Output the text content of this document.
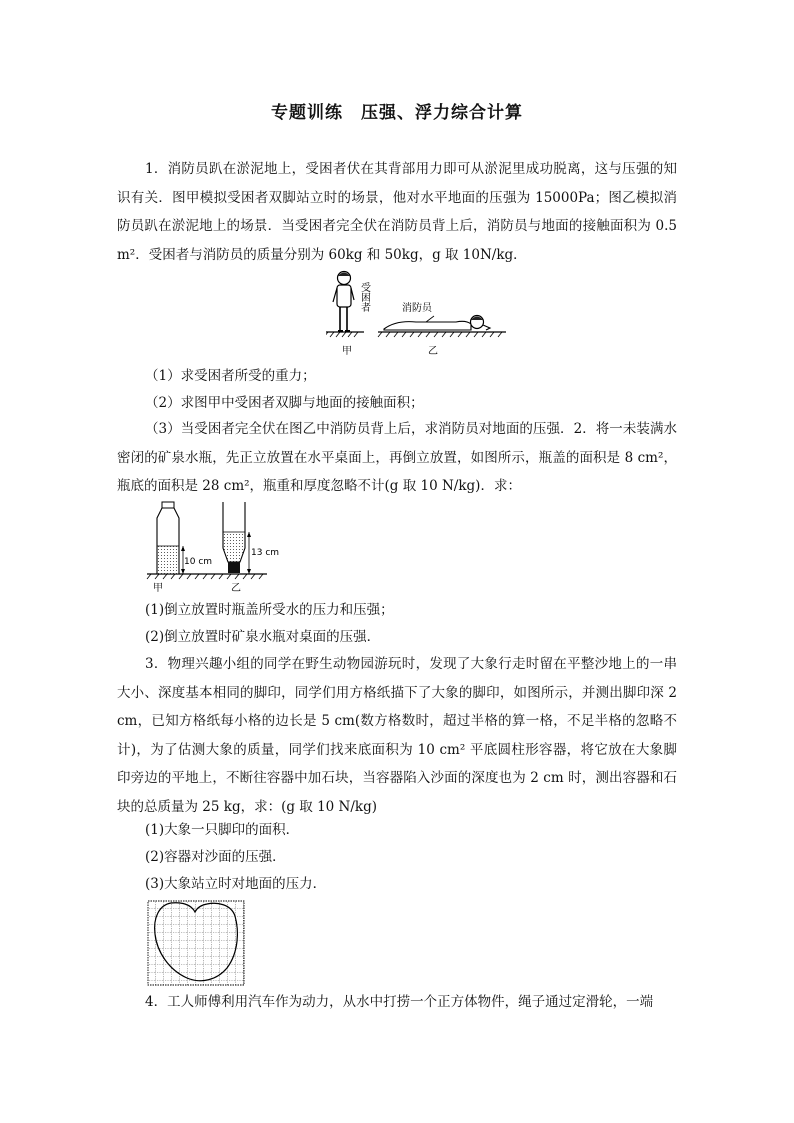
专题训练　压强、浮力综合计算
1．消防员趴在淤泥地上，受困者伏在其背部用力即可从淤泥里成功脱离，这与压强的知识有关．图甲模拟受困者双脚站立时的场景，他对水平地面的压强为 15000Pa；图乙模拟消防员趴在淤泥地上的场景．当受困者完全伏在消防员背上后，消防员与地面的接触面积为 0.5 m²．受困者与消防员的质量分别为 60kg 和 50kg，g 取 10N/kg．
受困者	消防员
甲	乙
（1）求受困者所受的重力；
（2）求图甲中受困者双脚与地面的接触面积；
（3）当受困者完全伏在图乙中消防员背上后，求消防员对地面的压强．2．将一未装满水密闭的矿泉水瓶，先正立放置在水平桌面上，再倒立放置，如图所示，瓶盖的面积是 8 cm²，瓶底的面积是 28 cm²，瓶重和厚度忽略不计(g 取 10 N/kg)．求：
10 cm
13 cm
甲	乙
(1)倒立放置时瓶盖所受水的压力和压强；
(2)倒立放置时矿泉水瓶对桌面的压强．
3．物理兴趣小组的同学在野生动物园游玩时，发现了大象行走时留在平整沙地上的一串大小、深度基本相同的脚印，同学们用方格纸描下了大象的脚印，如图所示，并测出脚印深 2 cm，已知方格纸每小格的边长是 5 cm(数方格数时，超过半格的算一格，不足半格的忽略不计)，为了估测大象的质量，同学们找来底面积为 10 cm² 平底圆柱形容器，将它放在大象脚印旁边的平地上，不断往容器中加石块，当容器陷入沙面的深度也为 2 cm 时，测出容器和石块的总质量为 25 kg，求：(g 取 10 N/kg)
(1)大象一只脚印的面积．
(2)容器对沙面的压强．
(3)大象站立时对地面的压力．
4．工人师傅利用汽车作为动力，从水中打捞一个正方体物件，绳子通过定滑轮，一端
